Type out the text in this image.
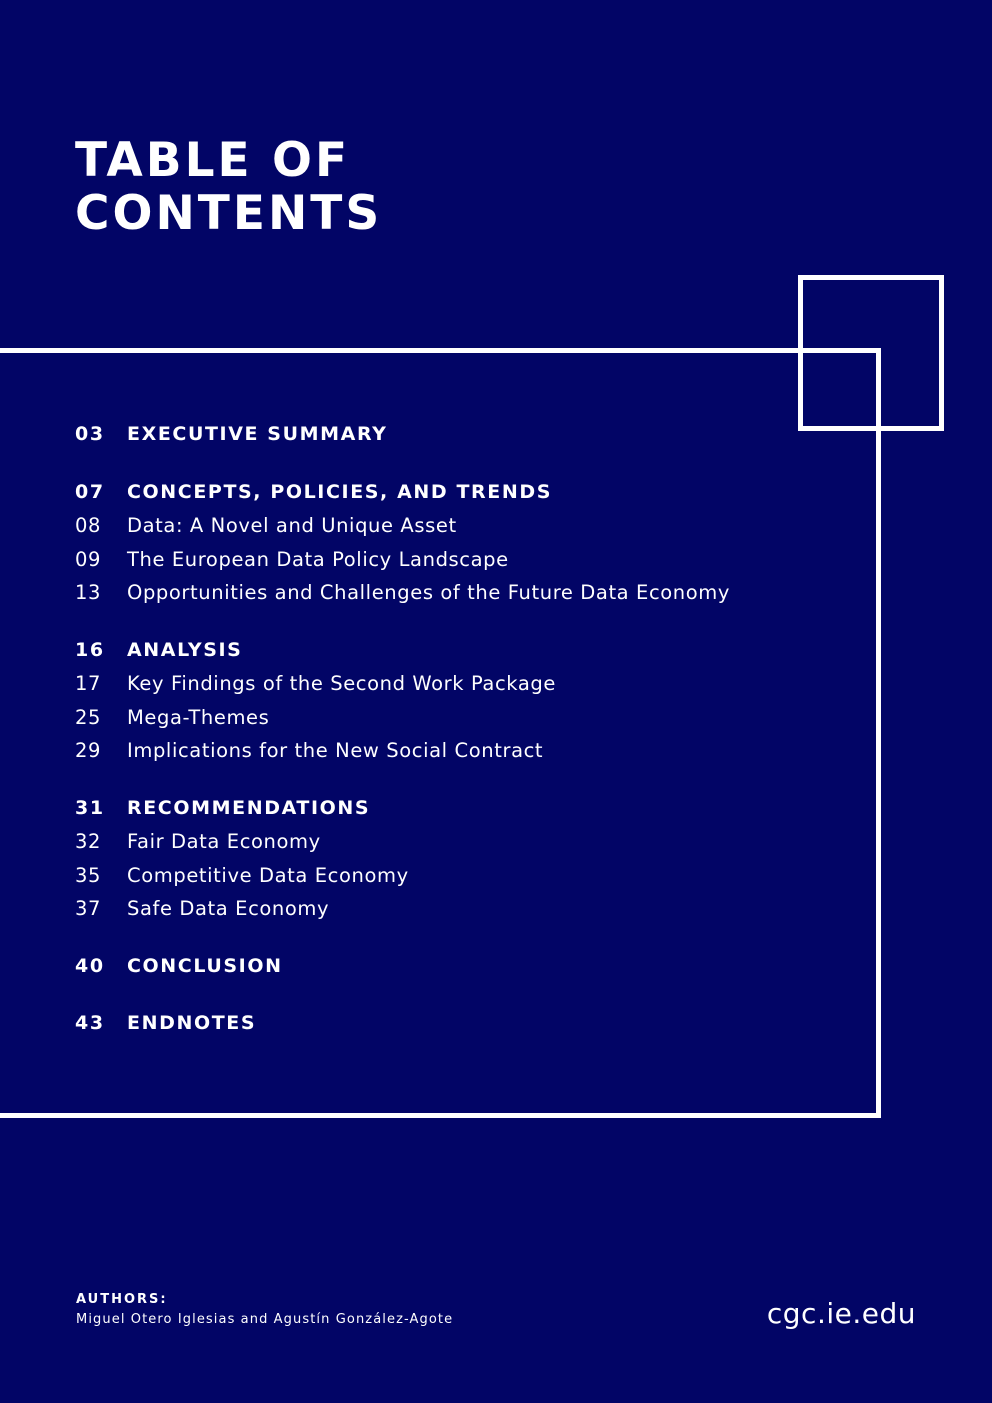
TABLE OF
CONTENTS
03	EXECUTIVE SUMMARY
07	CONCEPTS, POLICIES, AND TRENDS
08	Data: A Novel and Unique Asset
09	The European Data Policy Landscape
13	Opportunities and Challenges of the Future Data Economy
16	ANALYSIS
17	Key Findings of the Second Work Package
25	Mega-Themes
29	Implications for the New Social Contract
31	RECOMMENDATIONS
32	Fair Data Economy
35	Competitive Data Economy
37	Safe Data Economy
40	CONCLUSION
43	ENDNOTES
AUTHORS:
Miguel Otero Iglesias and Agustín González-Agote	cgc.ie.edu
